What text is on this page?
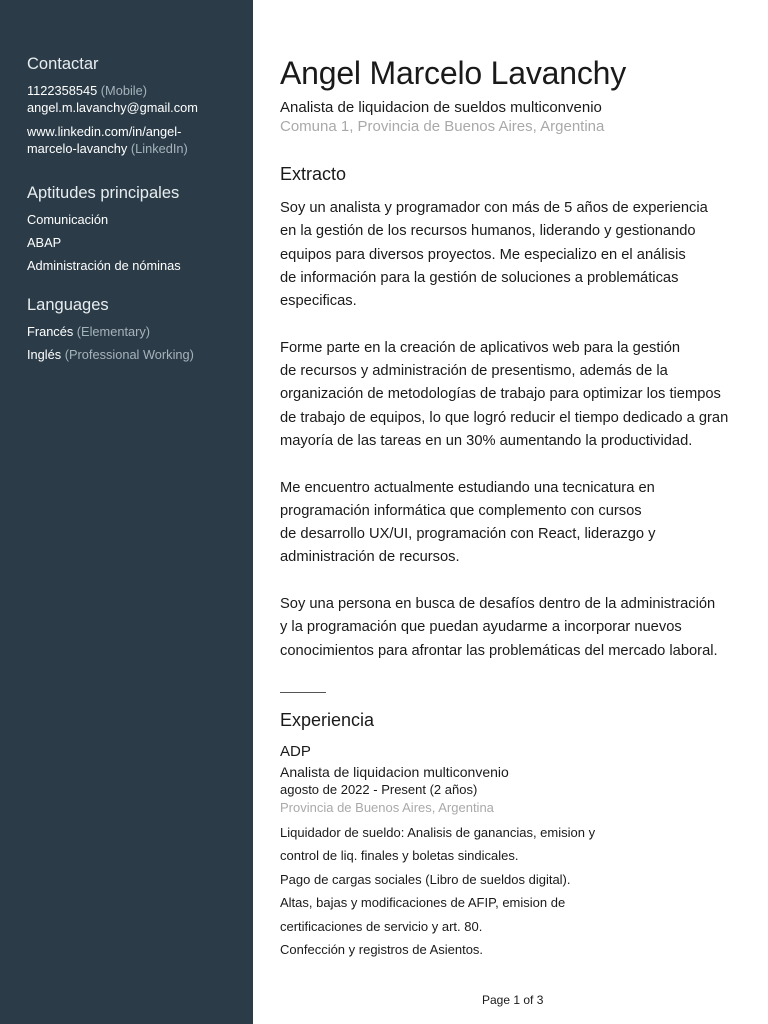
Contactar
1122358545 (Mobile)
angel.m.lavanchy@gmail.com
www.linkedin.com/in/angel-
marcelo-lavanchy (LinkedIn)
Aptitudes principales
Comunicación
ABAP
Administración de nóminas
Languages
Francés (Elementary)
Inglés (Professional Working)
Angel Marcelo Lavanchy
Analista de liquidacion de sueldos multiconvenio
Comuna 1, Provincia de Buenos Aires, Argentina
Extracto

Soy un analista y programador con más de 5 años de experiencia
en la gestión de los recursos humanos, liderando y gestionando
equipos para diversos proyectos. Me especializo en el análisis
de información para la gestión de soluciones a problemáticas
especificas.

Forme parte en la creación de aplicativos web para la gestión
de recursos y administración de presentismo, además de la
organización de metodologías de trabajo para optimizar los tiempos
de trabajo de equipos, lo que logró reducir el tiempo dedicado a gran
mayoría de las tareas en un 30% aumentando la productividad.

Me encuentro actualmente estudiando una tecnicatura en
programación informática que complemento con cursos
de desarrollo UX/UI, programación con React, liderazgo y
administración de recursos.

Soy una persona en busca de desafíos dentro de la administración
y la programación que puedan ayudarme a incorporar nuevos
conocimientos para afrontar las problemáticas del mercado laboral.

Experiencia
ADP
Analista de liquidacion multiconvenio
agosto de 2022 - Present (2 años)
Provincia de Buenos Aires, Argentina
Liquidador de sueldo: Analisis de ganancias, emision y
control de liq. finales y boletas sindicales.
Pago de cargas sociales (Libro de sueldos digital).
Altas, bajas y modificaciones de AFIP, emision de
certificaciones de servicio y art. 80.
Confección y registros de Asientos.
Page 1 of 3
